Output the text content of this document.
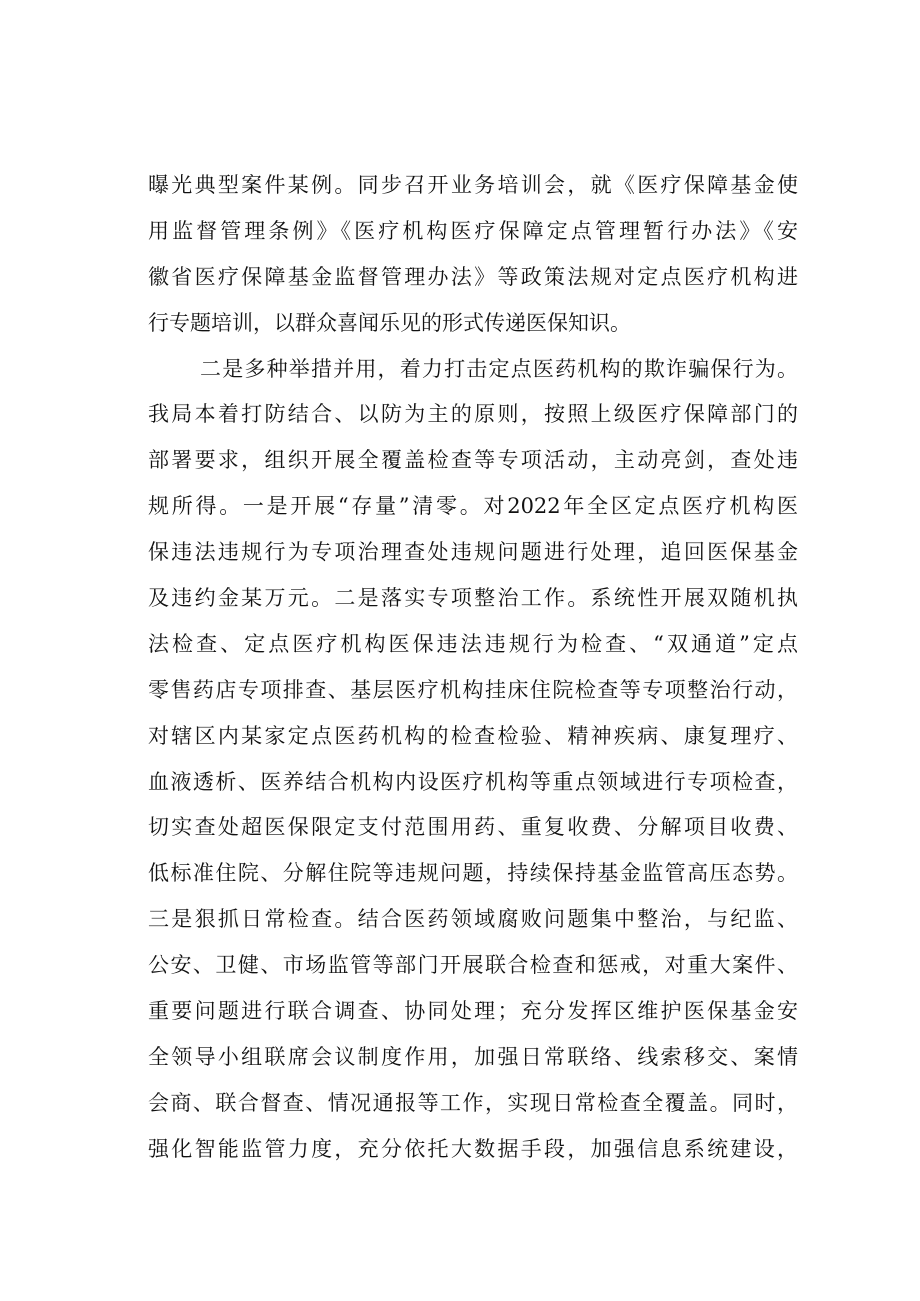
曝光典型案件某例。同步召开业务培训会，就《医疗保障基金使
用监督管理条例》《医疗机构医疗保障定点管理暂行办法》《安
徽省医疗保障基金监督管理办法》等政策法规对定点医疗机构进
行专题培训，以群众喜闻乐见的形式传递医保知识。
二是多种举措并用，着力打击定点医药机构的欺诈骗保行为。
我局本着打防结合、以防为主的原则，按照上级医疗保障部门的
部署要求，组织开展全覆盖检查等专项活动，主动亮剑，查处违
规所得。一是开展“存量”清零。对2022年全区定点医疗机构医
保违法违规行为专项治理查处违规问题进行处理，追回医保基金
及违约金某万元。二是落实专项整治工作。系统性开展双随机执
法检查、定点医疗机构医保违法违规行为检查、“双通道”定点
零售药店专项排查、基层医疗机构挂床住院检查等专项整治行动，
对辖区内某家定点医药机构的检查检验、精神疾病、康复理疗、
血液透析、医养结合机构内设医疗机构等重点领域进行专项检查，
切实查处超医保限定支付范围用药、重复收费、分解项目收费、
低标准住院、分解住院等违规问题，持续保持基金监管高压态势。
三是狠抓日常检查。结合医药领域腐败问题集中整治，与纪监、
公安、卫健、市场监管等部门开展联合检查和惩戒，对重大案件、
重要问题进行联合调查、协同处理；充分发挥区维护医保基金安
全领导小组联席会议制度作用，加强日常联络、线索移交、案情
会商、联合督查、情况通报等工作，实现日常检查全覆盖。同时，
强化智能监管力度，充分依托大数据手段，加强信息系统建设，
